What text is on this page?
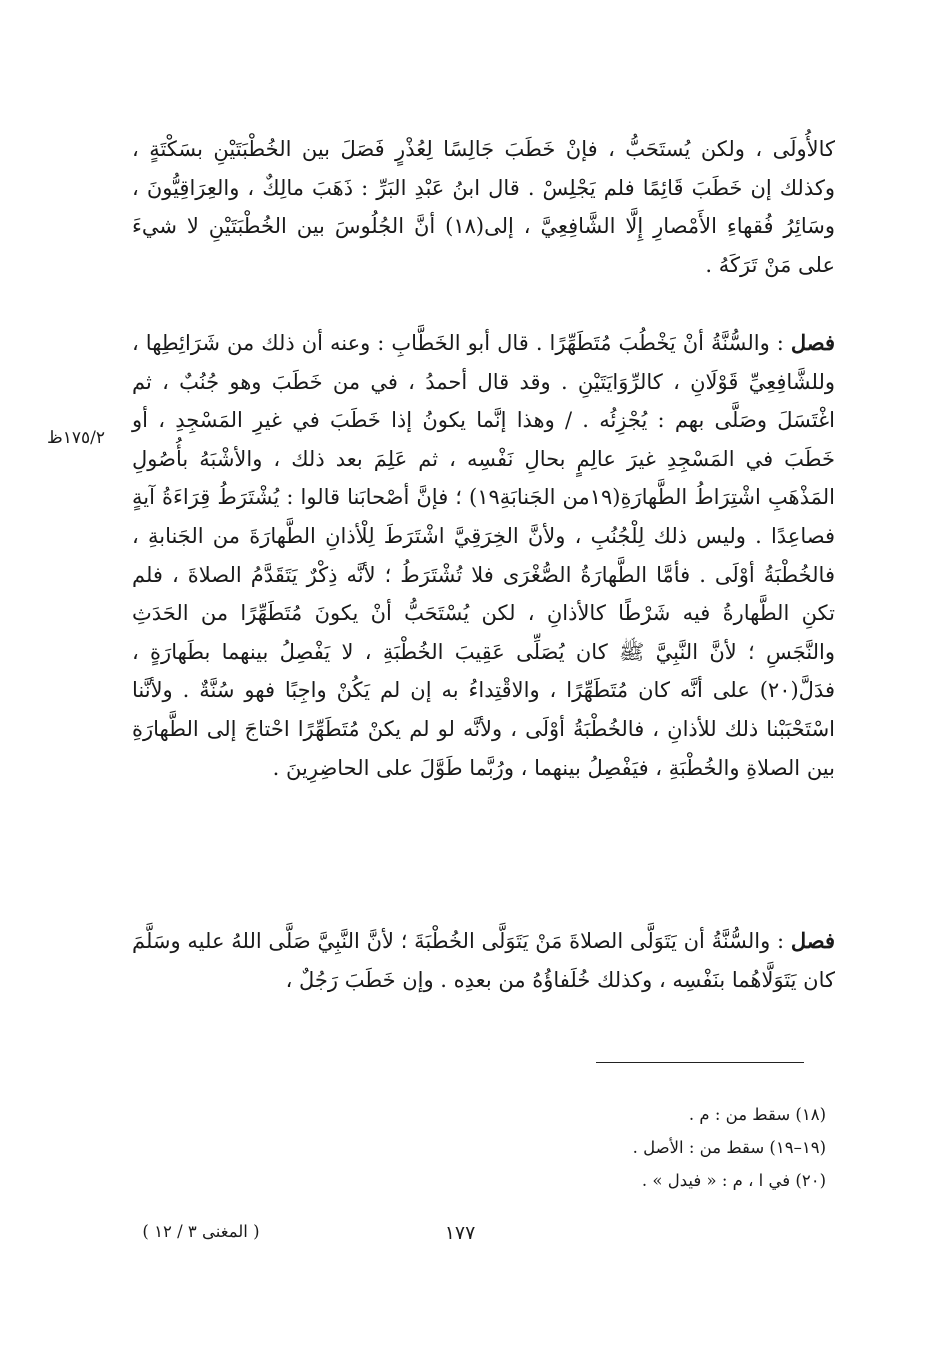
كالأُولَى ، ولكن يُستَحَبُّ ، فإنْ خَطَبَ جَالِسًا لِعُذْرٍ فَصَلَ بين الخُطْبَتَيْنِ بسَكْتَةٍ ، وكذلك إن خَطَبَ قَائِمًا فلم يَجْلِسْ . قال ابنُ عَبْدِ البَرِّ : ذَهَبَ مالِكٌ ، والعِرَاقِيُّونَ ، وسَائِرُ فُقهاءِ الأَمْصارِ إِلَّا الشَّافِعِيَّ ، إلى(١٨) أنَّ الجُلُوسَ بين الخُطْبَتَيْنِ لا شيءَ على مَنْ تَرَكَهُ .

فصل : والسُّنَّةُ أنْ يَخْطُبَ مُتَطَهِّرًا . قال أبو الخَطَّابِ : وعنه أن ذلك من شَرَائِطِها ، وللشَّافِعِيِّ قَوْلَانِ ، كالرِّوَايَتَيْنِ . وقد قال أحمدُ ، في من خَطَبَ وهو جُنُبٌ ، ثم اغْتَسَلَ وصَلَّى بهم : يُجْزِئُه . / وهذا إنَّما يكونُ إذا خَطَبَ في غيرِ المَسْجِدِ ، أو خَطَبَ في المَسْجِدِ غيرَ عالِمٍ بحالِ نَفْسِه ، ثم عَلِمَ بعد ذلك ، والأشْبَهُ بأُصُولِ المَذْهَبِ اشْتِرَاطُ الطَّهارَةِ(١٩من الجَنابَةِ١٩) ؛ فإنَّ أصْحابَنا قالوا : يُشْتَرَطُ قِرَاءَةُ آيةٍ فصاعِدًا . وليس ذلك لِلْجُنُبِ ، ولأنَّ الخِرَقِيَّ اشْتَرَطَ لِلْأذانِ الطَّهارَةَ من الجَنابةِ ، فالخُطْبَةُ أوْلَى . فأمَّا الطَّهارَةُ الصُّغْرَى فلا تُشْتَرَطُ ؛ لأنَّه ذِكْرٌ يَتَقَدَّمُ الصلاةَ ، فلم تكنِ الطَّهارةُ فيه شَرْطًا كالأذانِ ، لكن يُسْتَحَبُّ أنْ يكونَ مُتَطَهِّرًا من الحَدَثِ والنَّجَسِ ؛ لأنَّ النَّبِيَّ ﷺ كان يُصَلِّى عَقِيبَ الخُطْبَةِ ، لا يَفْصِلُ بينهما بطَهارَةٍ ، فدَلَّ(٢٠) على أنَّه كان مُتَطَهِّرًا ، والاقْتِداءُ به إن لم يَكُنْ واجِبًا فهو سُنَّةٌ . ولأنَّنا اسْتَحْبَبْنا ذلك للأذانِ ، فالخُطْبَةُ أوْلَى ، ولأنَّه لو لم يكنْ مُتَطَهِّرًا احْتاجَ إلى الطَّهارَةِ بين الصلاةِ والخُطْبَةِ ، فيَفْصِلُ بينهما ، ورُبَّما طَوَّلَ على الحاضِرِينَ .

١٧٥/٢ظ

فصل : والسُّنَّةُ أن يَتَوَلَّى الصلاةَ مَنْ يَتَوَلَّى الخُطْبَةَ ؛ لأنَّ النَّبِيَّ صَلَّى اللهُ عليه وسَلَّمَ كان يَتَوَلَّاهُما بنَفْسِه ، وكذلك خُلَفاؤُهُ من بعدِه . وإن خَطَبَ رَجُلٌ ،

(١٨) سقط من : م .
(١٩–١٩) سقط من : الأصل .
(٢٠) في ا ، م : « فيدل » .
١٧٧
( المغنى ٣ / ١٢ )
